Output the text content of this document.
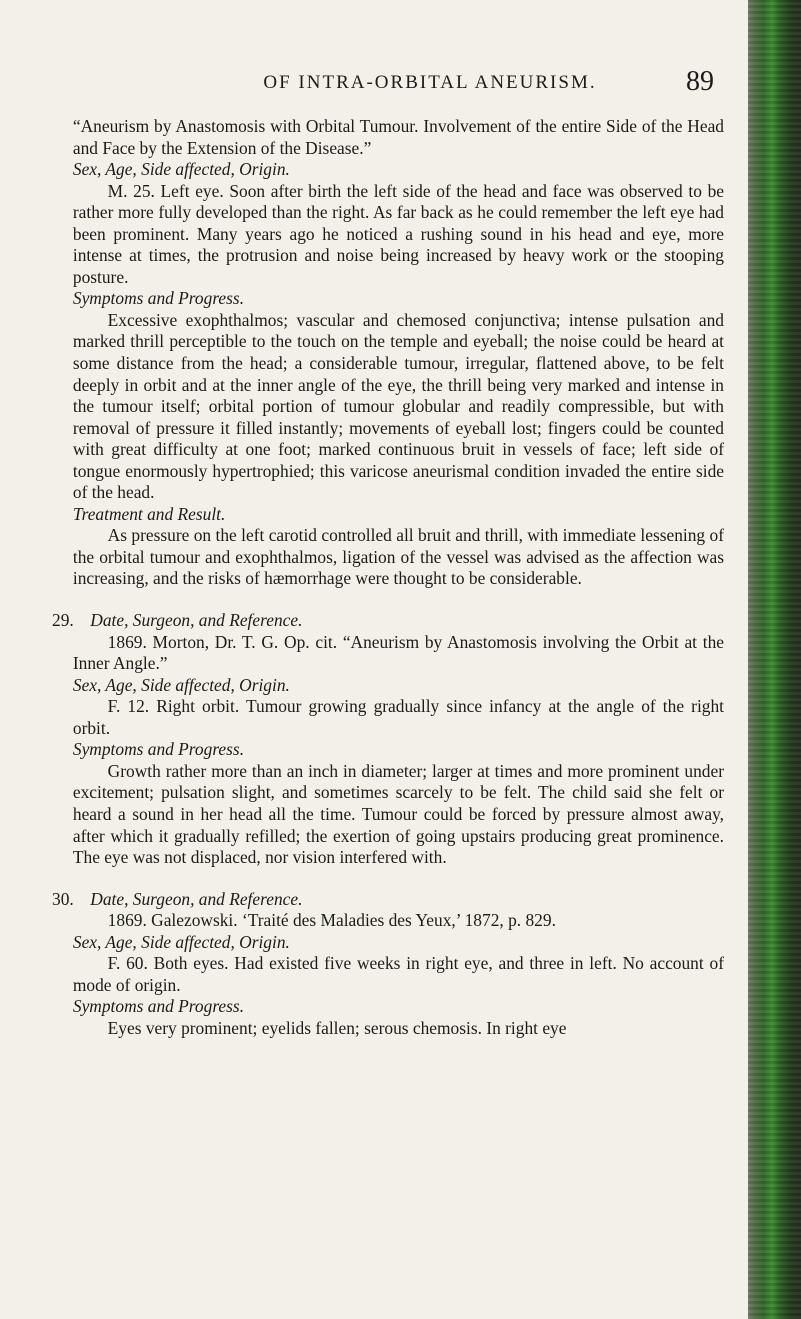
OF INTRA-ORBITAL ANEURISM.	89

“Aneurism by Anastomosis with Orbital Tumour. Involvement of the entire Side of the Head and Face by the Extension of the Disease.”

Sex, Age, Side affected, Origin.

M. 25. Left eye. Soon after birth the left side of the head and face was observed to be rather more fully developed than the right. As far back as he could remember the left eye had been prominent. Many years ago he noticed a rushing sound in his head and eye, more intense at times, the protrusion and noise being increased by heavy work or the stooping posture.

Symptoms and Progress.

Excessive exophthalmos; vascular and chemosed conjunctiva; intense pulsation and marked thrill perceptible to the touch on the temple and eyeball; the noise could be heard at some distance from the head; a considerable tumour, irregular, flattened above, to be felt deeply in orbit and at the inner angle of the eye, the thrill being very marked and intense in the tumour itself; orbital portion of tumour globular and readily compressible, but with removal of pressure it filled instantly; movements of eyeball lost; fingers could be counted with great difficulty at one foot; marked continuous bruit in vessels of face; left side of tongue enormously hypertrophied; this varicose aneurismal condition invaded the entire side of the head.

Treatment and Result.

As pressure on the left carotid controlled all bruit and thrill, with immediate lessening of the orbital tumour and exophthalmos, ligation of the vessel was advised as the affection was increasing, and the risks of hæmorrhage were thought to be considerable.

29. Date, Surgeon, and Reference.

1869. Morton, Dr. T. G. Op. cit. “Aneurism by Anastomosis involving the Orbit at the Inner Angle.”

Sex, Age, Side affected, Origin.

F. 12. Right orbit. Tumour growing gradually since infancy at the angle of the right orbit.

Symptoms and Progress.

Growth rather more than an inch in diameter; larger at times and more prominent under excitement; pulsation slight, and sometimes scarcely to be felt. The child said she felt or heard a sound in her head all the time. Tumour could be forced by pressure almost away, after which it gradually refilled; the exertion of going upstairs producing great prominence. The eye was not displaced, nor vision interfered with.

30. Date, Surgeon, and Reference.

1869. Galezowski. ‘Traité des Maladies des Yeux,’ 1872, p. 829.

Sex, Age, Side affected, Origin.

F. 60. Both eyes. Had existed five weeks in right eye, and three in left. No account of mode of origin.

Symptoms and Progress.

Eyes very prominent; eyelids fallen; serous chemosis. In right eye
